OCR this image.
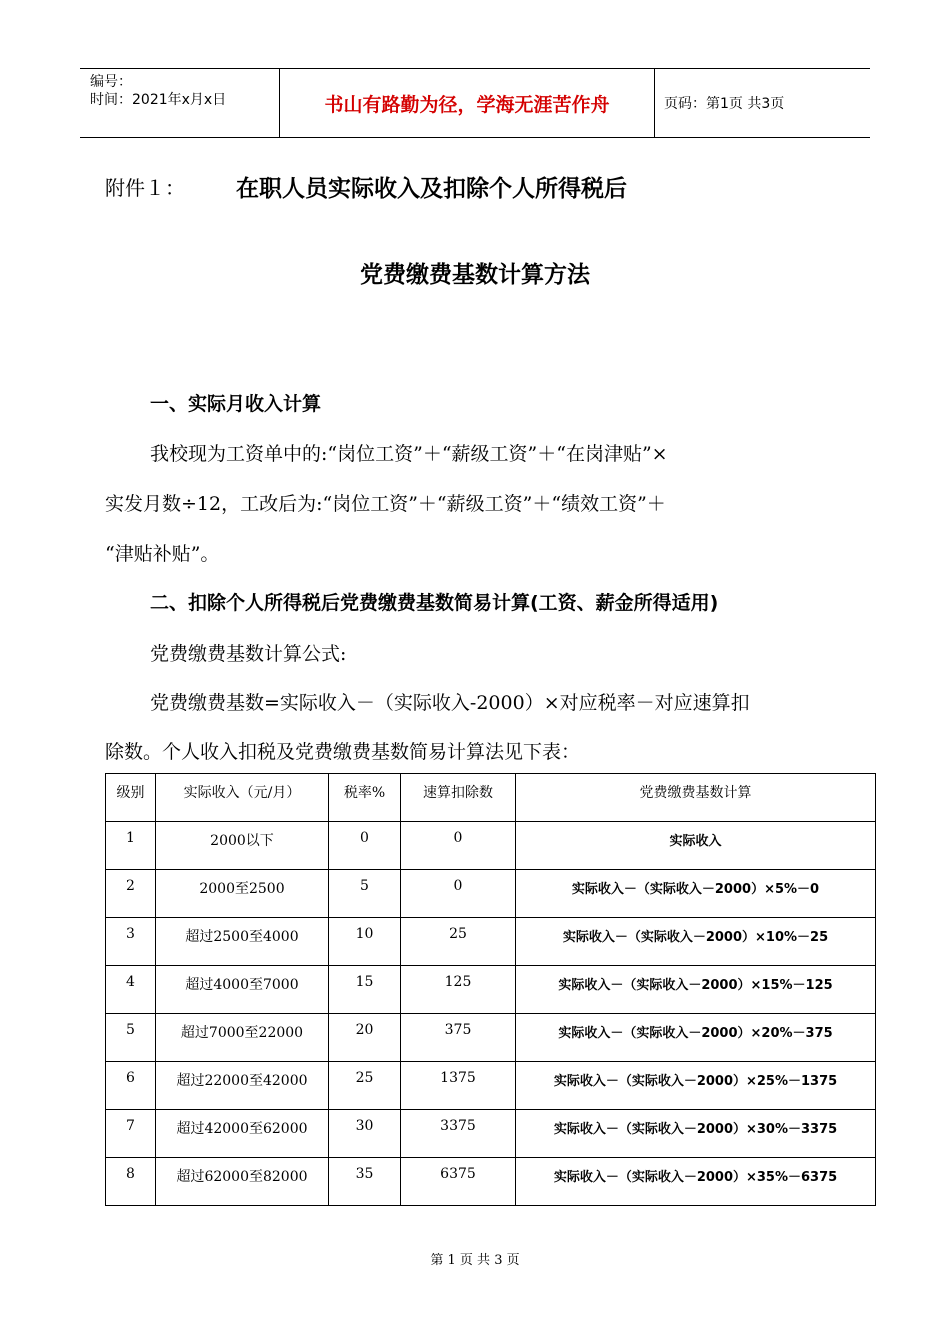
编号：
时间：2021年x月x日	书山有路勤为径，学海无涯苦作舟	页码：第1页 共3页
附件１： 在职人员实际收入及扣除个人所得税后
党费缴费基数计算方法
一、实际月收入计算
我校现为工资单中的:“岗位工资”＋“薪级工资”＋“在岗津贴”×
实发月数÷12，工改后为:“岗位工资”＋“薪级工资”＋“绩效工资”＋
“津贴补贴”。
二、扣除个人所得税后党费缴费基数简易计算(工资、薪金所得适用)
党费缴费基数计算公式:
党费缴费基数=实际收入－（实际收入-2000）×对应税率－对应速算扣
除数。个人收入扣税及党费缴费基数简易计算法见下表：
级别	实际收入（元/月）	税率%	速算扣除数	党费缴费基数计算
1	2000以下	0	0	实际收入
2	2000至2500	5	0	实际收入－（实际收入－2000）×5%－0
3	超过2500至4000	10	25	实际收入－（实际收入－2000）×10%－25
4	超过4000至7000	15	125	实际收入－（实际收入－2000）×15%－125
5	超过7000至22000	20	375	实际收入－（实际收入－2000）×20%－375
6	超过22000至42000	25	1375	实际收入－（实际收入－2000）×25%－1375
7	超过42000至62000	30	3375	实际收入－（实际收入－2000）×30%－3375
8	超过62000至82000	35	6375	实际收入－（实际收入－2000）×35%－6375
第 1 页 共 3 页
